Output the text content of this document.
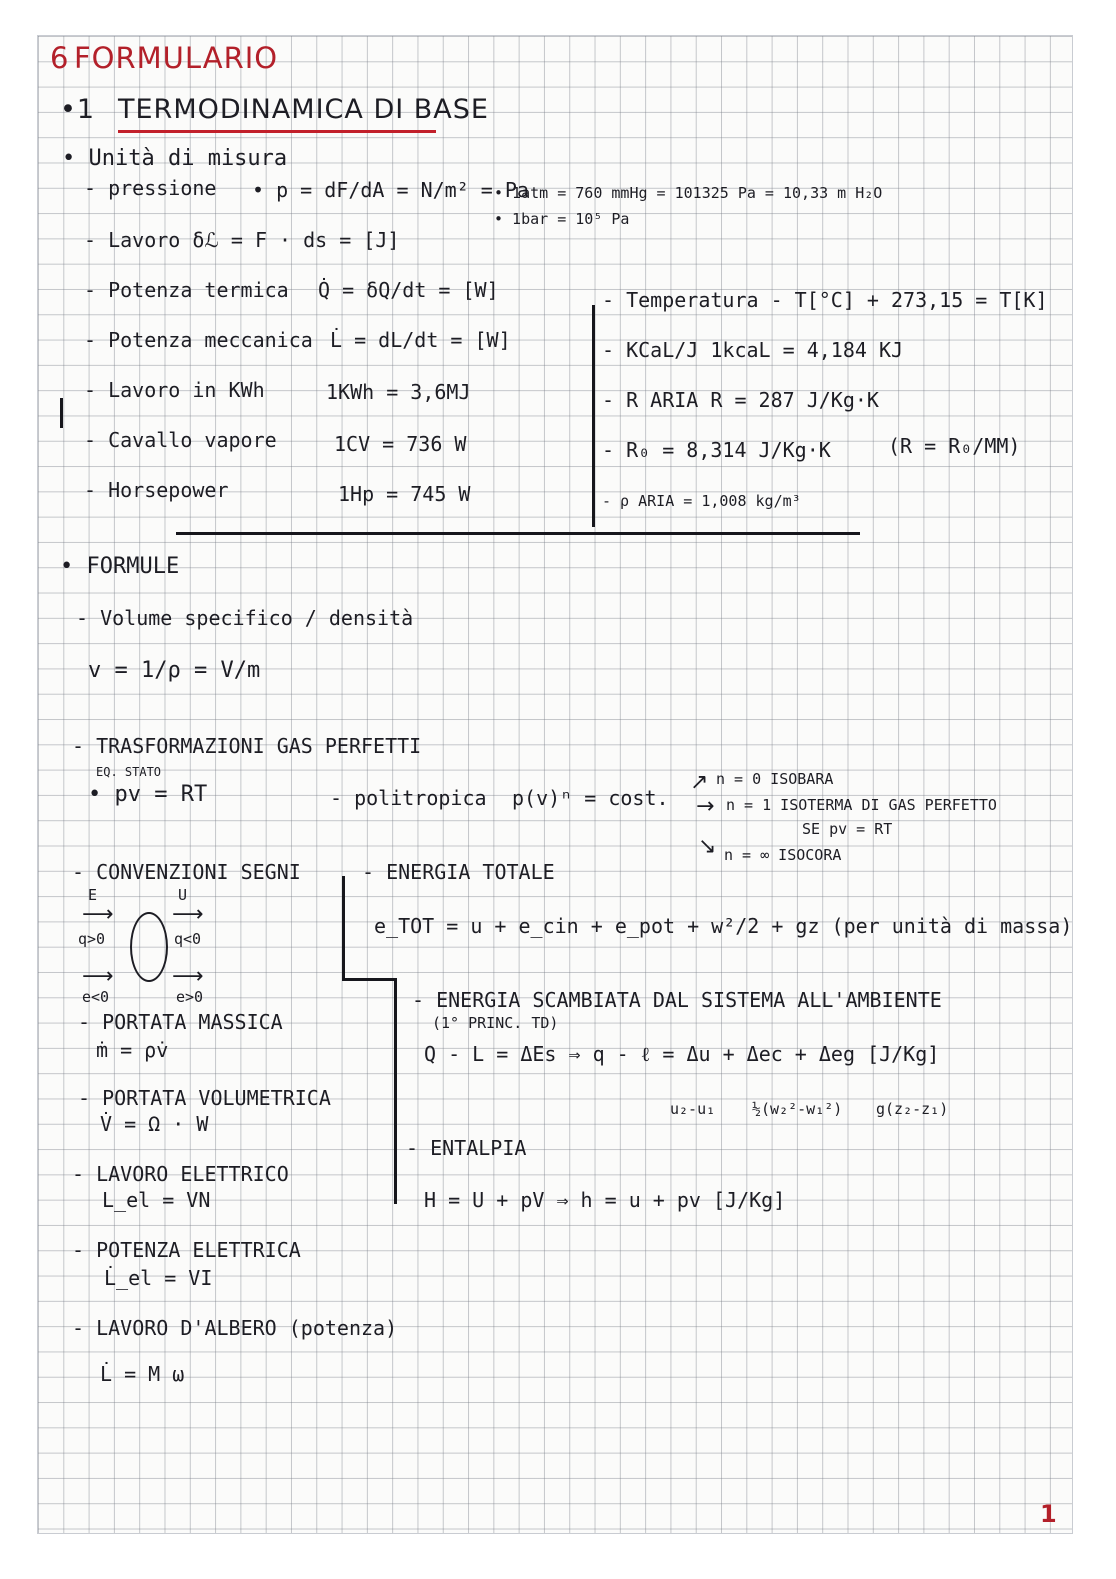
6 FORMULARIO
•1 TERMODINAMICA DI BASE
• Unità di misura
- pressione • p = dF/dA = N/m² = Pa
• 1atm = 760 mmHg = 101325 Pa = 10,33 m H₂O
• 1bar = 10⁵ Pa
- Lavoro δℒ = F · ds = [J]
- Potenza termica Q̇ = δQ/dt = [W]
- Potenza meccanica L̇ = dL/dt = [W]
- Lavoro in KWh	1KWh = 3,6MJ
- Cavallo vapore	1CV = 736 W
- Horsepower	1Hp = 745 W
- Temperatura - T[°C] + 273,15 = T[K]
- KCaL/J 1kcaL = 4,184 KJ
- R ARIA R = 287 J/Kg·K
- R₀ = 8,314 J/Kg·K	(R = R₀/MM)
- ρ ARIA = 1,008 kg/m³
• FORMULE
- Volume specifico / densità
v = 1/ρ = V/m
- TRASFORMAZIONI GAS PERFETTI
EQ. STATO
• pv = RT	- politropica p(v)ⁿ = cost.
↗
→
↘
n = 0 ISOBARA
n = 1 ISOTERMA DI GAS PERFETTO
SE pv = RT
n = ∞ ISOCORA
- CONVENZIONI SEGNI
E	U
⟶	⟶
q>0	q<0
⟶	⟶
e<0	e>0
- ENERGIA TOTALE
e_TOT = u + e_cin + e_pot + w²/2 + gz (per unità di massa)
- ENERGIA SCAMBIATA DAL SISTEMA ALL'AMBIENTE
(1° PRINC. TD)
Q - L = ΔEs ⇒ q - ℓ = Δu + Δec + Δeg [J/Kg]
u₂-u₁ ½(w₂²-w₁²) g(z₂-z₁)
- ENTALPIA
H = U + pV ⇒ h = u + pv [J/Kg]
- PORTATA MASSICA
ṁ = ρv̇
- PORTATA VOLUMETRICA
V̇ = Ω · W
- LAVORO ELETTRICO
L_el = VN
- POTENZA ELETTRICA
L̇_el = VI
- LAVORO D'ALBERO (potenza)
L̇ = M ω
1
